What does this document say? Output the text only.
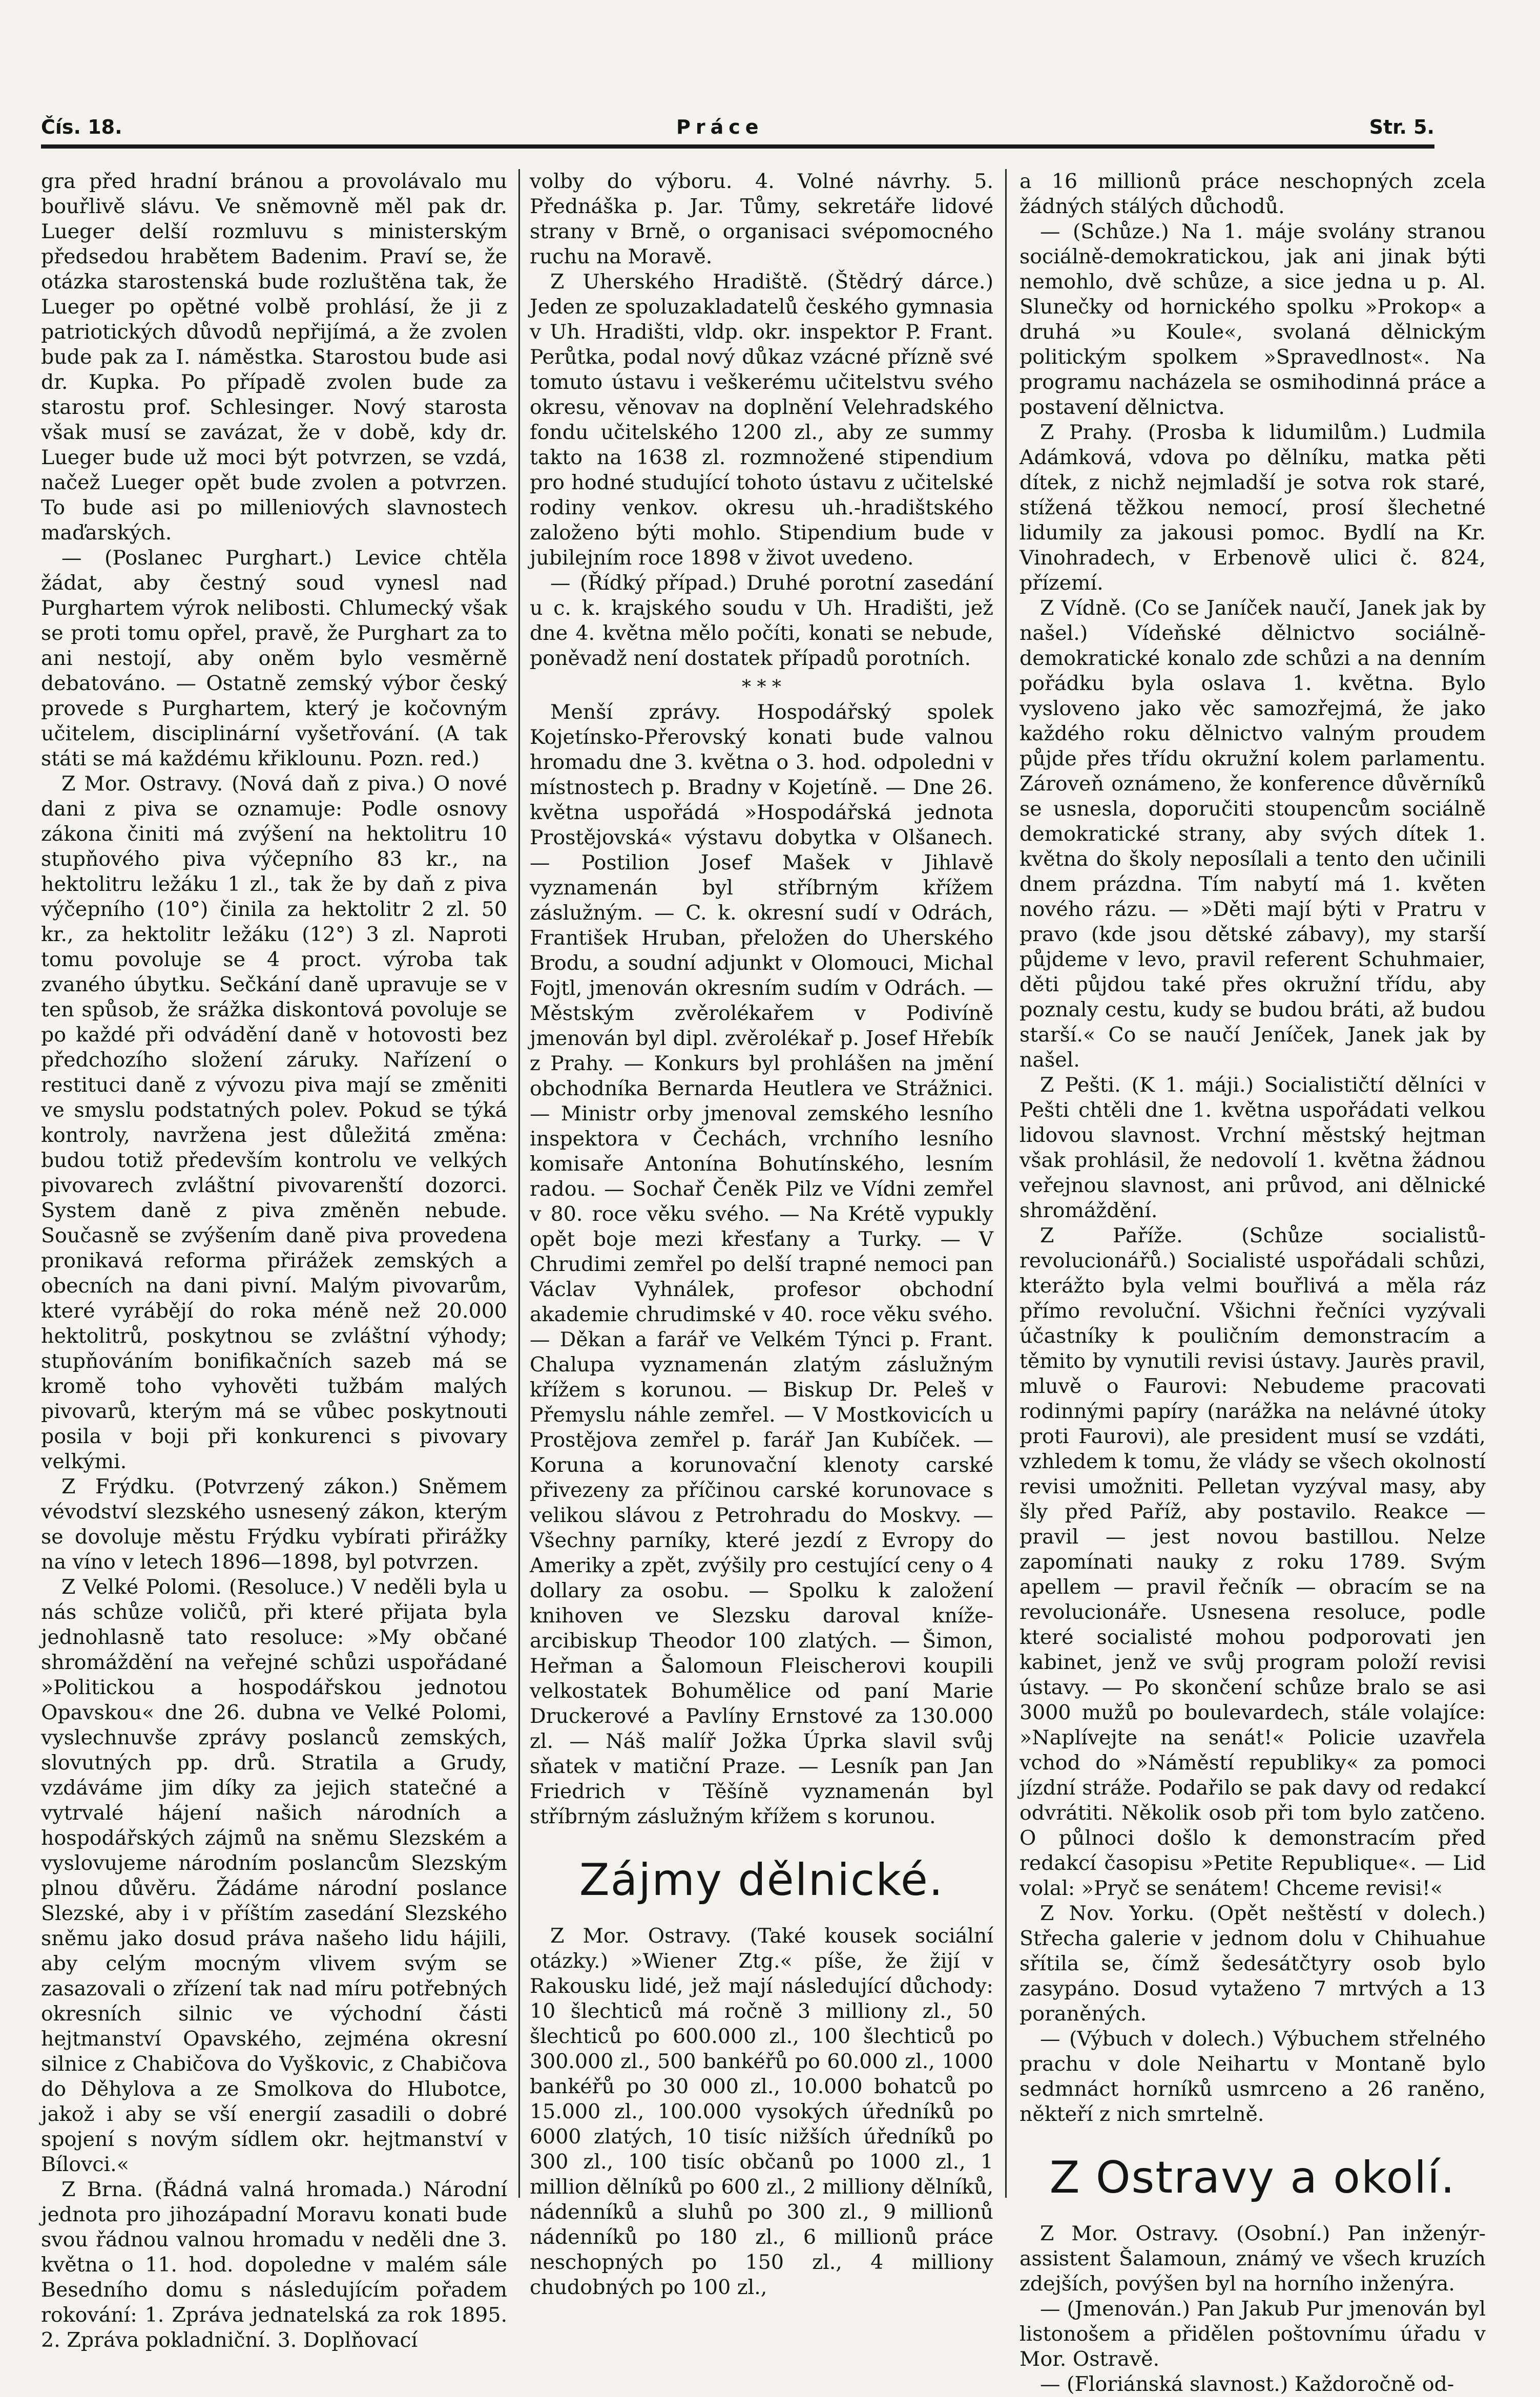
Čís. 18.	Práce	Str. 5.

gra před hradní bránou a provolávalo mu bouřlivě slávu. Ve sněmovně měl pak dr. Lueger delší rozmluvu s ministerským předsedou hrabětem Badenim. Praví se, že otázka starostenská bude rozluštěna tak, že Lueger po opětné volbě prohlásí, že ji z patriotických důvodů nepřijímá, a že zvolen bude pak za I. náměstka. Starostou bude asi dr. Kupka. Po případě zvolen bude za starostu prof. Schlesinger. Nový starosta však musí se zavázat, že v době, kdy dr. Lueger bude už moci být potvrzen, se vzdá, načež Lueger opět bude zvolen a potvrzen. To bude asi po milleniových slavnostech maďarských.

— (Poslanec Purghart.) Levice chtěla žádat, aby čestný soud vynesl nad Purghartem výrok nelibosti. Chlumecký však se proti tomu opřel, pravě, že Purghart za to ani nestojí, aby oněm bylo vesměrně debatováno. — Ostatně zemský výbor český provede s Purghartem, který je kočovným učitelem, disciplinární vyšetřování. (A tak státi se má každému křiklounu. Pozn. red.)

Z Mor. Ostravy. (Nová daň z piva.) O nové dani z piva se oznamuje: Podle osnovy zákona činiti má zvýšení na hektolitru 10 stupňového piva výčepního 83 kr., na hektolitru ležáku 1 zl., tak že by daň z piva výčepního (10°) činila za hektolitr 2 zl. 50 kr., za hektolitr ležáku (12°) 3 zl. Naproti tomu povoluje se 4 proct. výroba tak zvaného úbytku. Sečkání daně upravuje se v ten spůsob, že srážka diskontová povoluje se po každé při odvádění daně v hotovosti bez předchozího složení záruky. Nařízení o restituci daně z vývozu piva mají se změniti ve smyslu podstatných polev. Pokud se týká kontroly, navržena jest důležitá změna: budou totiž především kontrolu ve velkých pivovarech zvláštní pivovarenští dozorci. System daně z piva změněn nebude. Současně se zvýšením daně piva provedena pronikavá reforma přirážek zemských a obecních na dani pivní. Malým pivovarům, které vyrábějí do roka méně než 20.000 hektolitrů, poskytnou se zvláštní výhody; stupňováním bonifikačních sazeb má se kromě toho vyhověti tužbám malých pivovarů, kterým má se vůbec poskytnouti posila v boji při konkurenci s pivovary velkými.

Z Frýdku. (Potvrzený zákon.) Sněmem vévodství slezského usnesený zákon, kterým se dovoluje městu Frýdku vybírati přirážky na víno v letech 1896—1898, byl potvrzen.

Z Velké Polomi. (Resoluce.) V neděli byla u nás schůze voličů, při které přijata byla jednohlasně tato resoluce: »My občané shromáždění na veřejné schůzi uspořádané »Politickou a hospodářskou jednotou Opavskou« dne 26. dubna ve Velké Polomi, vyslechnuvše zprávy poslanců zemských, slovutných pp. drů. Stratila a Grudy, vzdáváme jim díky za jejich statečné a vytrvalé hájení našich národních a hospodářských zájmů na sněmu Slezském a vyslovujeme národním poslancům Slezským plnou důvěru. Žádáme národní poslance Slezské, aby i v příštím zasedání Slezského sněmu jako dosud práva našeho lidu hájili, aby celým mocným vlivem svým se zasazovali o zřízení tak nad míru potřebných okresních silnic ve východní části hejtmanství Opavského, zejména okresní silnice z Chabičova do Vyškovic, z Chabičova do Děhylova a ze Smolkova do Hlubotce, jakož i aby se vší energií zasadili o dobré spojení s novým sídlem okr. hejtmanství v Bílovci.«

Z Brna. (Řádná valná hromada.) Národní jednota pro jihozápadní Moravu konati bude svou řádnou valnou hromadu v neděli dne 3. května o 11. hod. dopoledne v malém sále Besedního domu s následujícím pořadem rokování: 1. Zpráva jednatelská za rok 1895. 2. Zpráva pokladniční. 3. Doplňovací

volby do výboru. 4. Volné návrhy. 5. Přednáška p. Jar. Tůmy, sekretáře lidové strany v Brně, o organisaci svépomocného ruchu na Moravě.

Z Uherského Hradiště. (Štědrý dárce.) Jeden ze spoluzakladatelů českého gymnasia v Uh. Hradišti, vldp. okr. inspektor P. Frant. Perůtka, podal nový důkaz vzácné přízně své tomuto ústavu i veškerému učitelstvu svého okresu, věnovav na doplnění Velehradského fondu učitelského 1200 zl., aby ze summy takto na 1638 zl. rozmnožené stipendium pro hodné studující tohoto ústavu z učitelské rodiny venkov. okresu uh.-hradištského založeno býti mohlo. Stipendium bude v jubilejním roce 1898 v život uvedeno.

— (Řídký případ.) Druhé porotní zasedání u c. k. krajského soudu v Uh. Hradišti, jež dne 4. května mělo počíti, konati se nebude, poněvadž není dostatek případů porotních.

* * *

Menší zprávy. Hospodářský spolek Kojetínsko-Přerovský konati bude valnou hromadu dne 3. května o 3. hod. odpoledni v místnostech p. Bradny v Kojetíně. — Dne 26. května uspořádá »Hospodářská jednota Prostějovská« výstavu dobytka v Olšanech. — Postilion Josef Mašek v Jihlavě vyznamenán byl stříbrným křížem záslužným. — C. k. okresní sudí v Odrách, František Hruban, přeložen do Uherského Brodu, a soudní adjunkt v Olomouci, Michal Fojtl, jmenován okresním sudím v Odrách. — Městským zvěrolékařem v Podivíně jmenován byl dipl. zvěrolékař p. Josef Hřebík z Prahy. — Konkurs byl prohlášen na jmění obchodníka Bernarda Heutlera ve Strážnici. — Ministr orby jmenoval zemského lesního inspektora v Čechách, vrchního lesního komisaře Antonína Bohutínského, lesním radou. — Sochař Čeněk Pilz ve Vídni zemřel v 80. roce věku svého. — Na Krétě vypukly opět boje mezi křesťany a Turky. — V Chrudimi zemřel po delší trapné nemoci pan Václav Vyhnálek, profesor obchodní akademie chrudimské v 40. roce věku svého. — Děkan a farář ve Velkém Týnci p. Frant. Chalupa vyznamenán zlatým záslužným křížem s korunou. — Biskup Dr. Peleš v Přemyslu náhle zemřel. — V Mostkovicích u Prostějova zemřel p. farář Jan Kubíček. — Koruna a korunovační klenoty carské přivezeny za příčinou carské korunovace s velikou slávou z Petrohradu do Moskvy. — Všechny parníky, které jezdí z Evropy do Ameriky a zpět, zvýšily pro cestující ceny o 4 dollary za osobu. — Spolku k založení knihoven ve Slezsku daroval kníže-arcibiskup Theodor 100 zlatých. — Šimon, Heřman a Šalomoun Fleischerovi koupili velkostatek Bohumělice od paní Marie Druckerové a Pavlíny Ernstové za 130.000 zl. — Náš malíř Jožka Úprka slavil svůj sňatek v matiční Praze. — Lesník pan Jan Friedrich v Těšíně vyznamenán byl stříbrným záslužným křížem s korunou.

Zájmy dělnické.

Z Mor. Ostravy. (Také kousek sociální otázky.) »Wiener Ztg.« píše, že žijí v Rakousku lidé, jež mají následující důchody: 10 šlechticů má ročně 3 milliony zl., 50 šlechticů po 600.000 zl., 100 šlechticů po 300.000 zl., 500 bankéřů po 60.000 zl., 1000 bankéřů po 30 000 zl., 10.000 bohatců po 15.000 zl., 100.000 vysokých úředníků po 6000 zlatých, 10 tisíc nižších úředníků po 300 zl., 100 tisíc občanů po 1000 zl., 1 million dělníků po 600 zl., 2 milliony dělníků, nádenníků a sluhů po 300 zl., 9 millionů nádenníků po 180 zl., 6 millionů práce neschopných po 150 zl., 4 milliony chudobných po 100 zl.,

a 16 millionů práce neschopných zcela žádných stálých důchodů.

— (Schůze.) Na 1. máje svolány stranou sociálně-demokratickou, jak ani jinak býti nemohlo, dvě schůze, a sice jedna u p. Al. Slunečky od hornického spolku »Prokop« a druhá »u Koule«, svolaná dělnickým politickým spolkem »Spravedlnost«. Na programu nacházela se osmihodinná práce a postavení dělnictva.

Z Prahy. (Prosba k lidumilům.) Ludmila Adámková, vdova po dělníku, matka pěti dítek, z nichž nejmladší je sotva rok staré, stížená těžkou nemocí, prosí šlechetné lidumily za jakousi pomoc. Bydlí na Kr. Vinohradech, v Erbenově ulici č. 824, přízemí.

Z Vídně. (Co se Janíček naučí, Janek jak by našel.) Vídeňské dělnictvo sociálně-demokratické konalo zde schůzi a na denním pořádku byla oslava 1. května. Bylo vysloveno jako věc samozřejmá, že jako každého roku dělnictvo valným proudem půjde přes třídu okružní kolem parlamentu. Zároveň oznámeno, že konference důvěrníků se usnesla, doporučiti stoupencům sociálně demokratické strany, aby svých dítek 1. května do školy neposílali a tento den učinili dnem prázdna. Tím nabytí má 1. květen nového rázu. — »Děti mají býti v Pratru v pravo (kde jsou dětské zábavy), my starší půjdeme v levo, pravil referent Schuhmaier, děti půjdou také přes okružní třídu, aby poznaly cestu, kudy se budou bráti, až budou starší.« Co se naučí Jeníček, Janek jak by našel.

Z Pešti. (K 1. máji.) Socialističtí dělníci v Pešti chtěli dne 1. května uspořádati velkou lidovou slavnost. Vrchní městský hejtman však prohlásil, že nedovolí 1. května žádnou veřejnou slavnost, ani průvod, ani dělnické shromáždění.

Z Paříže. (Schůze socialistů-revolucionářů.) Socialisté uspořádali schůzi, kterážto byla velmi bouřlivá a měla ráz přímo revoluční. Všichni řečníci vyzývali účastníky k pouličním demonstracím a těmito by vynutili revisi ústavy. Jaurès pravil, mluvě o Faurovi: Nebudeme pracovati rodinnými papíry (narážka na nelávné útoky proti Faurovi), ale president musí se vzdáti, vzhledem k tomu, že vlády se všech okolností revisi umožniti. Pelletan vyzýval masy, aby šly před Paříž, aby postavilo. Reakce — pravil — jest novou bastillou. Nelze zapomínati nauky z roku 1789. Svým apellem — pravil řečník — obracím se na revolucionáře. Usnesena resoluce, podle které socialisté mohou podporovati jen kabinet, jenž ve svůj program položí revisi ústavy. — Po skončení schůze bralo se asi 3000 mužů po boulevardech, stále volajíce: »Naplívejte na senát!« Policie uzavřela vchod do »Náměstí republiky« za pomoci jízdní stráže. Podařilo se pak davy od redakcí odvrátiti. Několik osob při tom bylo zatčeno. O půlnoci došlo k demonstracím před redakcí časopisu »Petite Republique«. — Lid volal: »Pryč se senátem! Chceme revisi!«

Z Nov. Yorku. (Opět neštěstí v dolech.) Střecha galerie v jednom dolu v Chihuahue sřítila se, čímž šedesátčtyry osob bylo zasypáno. Dosud vytaženo 7 mrtvých a 13 poraněných.

— (Výbuch v dolech.) Výbuchem střelného prachu v dole Neihartu v Montaně bylo sedmnáct horníků usmrceno a 26 raněno, někteří z nich smrtelně.

Z Ostravy a okolí.

Z Mor. Ostravy. (Osobní.) Pan inženýr-assistent Šalamoun, známý ve všech kruzích zdejších, povýšen byl na horního inženýra.

— (Jmenován.) Pan Jakub Pur jmenován byl listonošem a přidělen poštovnímu úřadu v Mor. Ostravě.

— (Floriánská slavnost.) Každoročně od-
